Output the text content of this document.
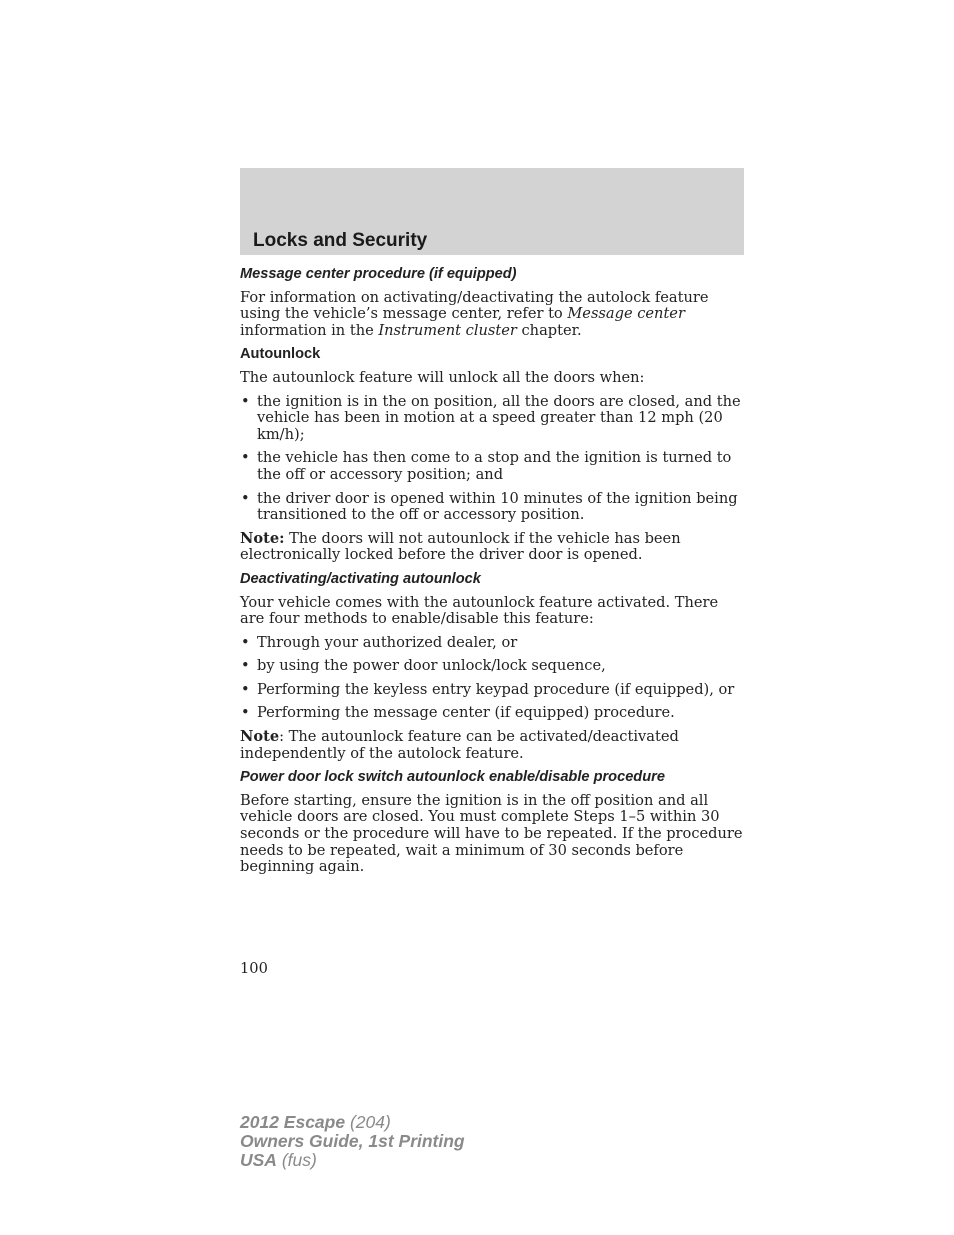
Locks and Security
Message center procedure (if equipped)

For information on activating/deactivating the autolock feature using the vehicle’s message center, refer to Message center information in the Instrument cluster chapter.

Autounlock

The autounlock feature will unlock all the doors when:

• the ignition is in the on position, all the doors are closed, and the vehicle has been in motion at a speed greater than 12 mph (20 km/h);
• the vehicle has then come to a stop and the ignition is turned to the off or accessory position; and
• the driver door is opened within 10 minutes of the ignition being transitioned to the off or accessory position.

Note: The doors will not autounlock if the vehicle has been electronically locked before the driver door is opened.

Deactivating/activating autounlock

Your vehicle comes with the autounlock feature activated. There are four methods to enable/disable this feature:

• Through your authorized dealer, or
• by using the power door unlock/lock sequence,
• Performing the keyless entry keypad procedure (if equipped), or
• Performing the message center (if equipped) procedure.

Note: The autounlock feature can be activated/deactivated independently of the autolock feature.

Power door lock switch autounlock enable/disable procedure

Before starting, ensure the ignition is in the off position and all vehicle doors are closed. You must complete Steps 1–5 within 30 seconds or the procedure will have to be repeated. If the procedure needs to be repeated, wait a minimum of 30 seconds before beginning again.

100
2012 Escape (204)
Owners Guide, 1st Printing
USA (fus)
